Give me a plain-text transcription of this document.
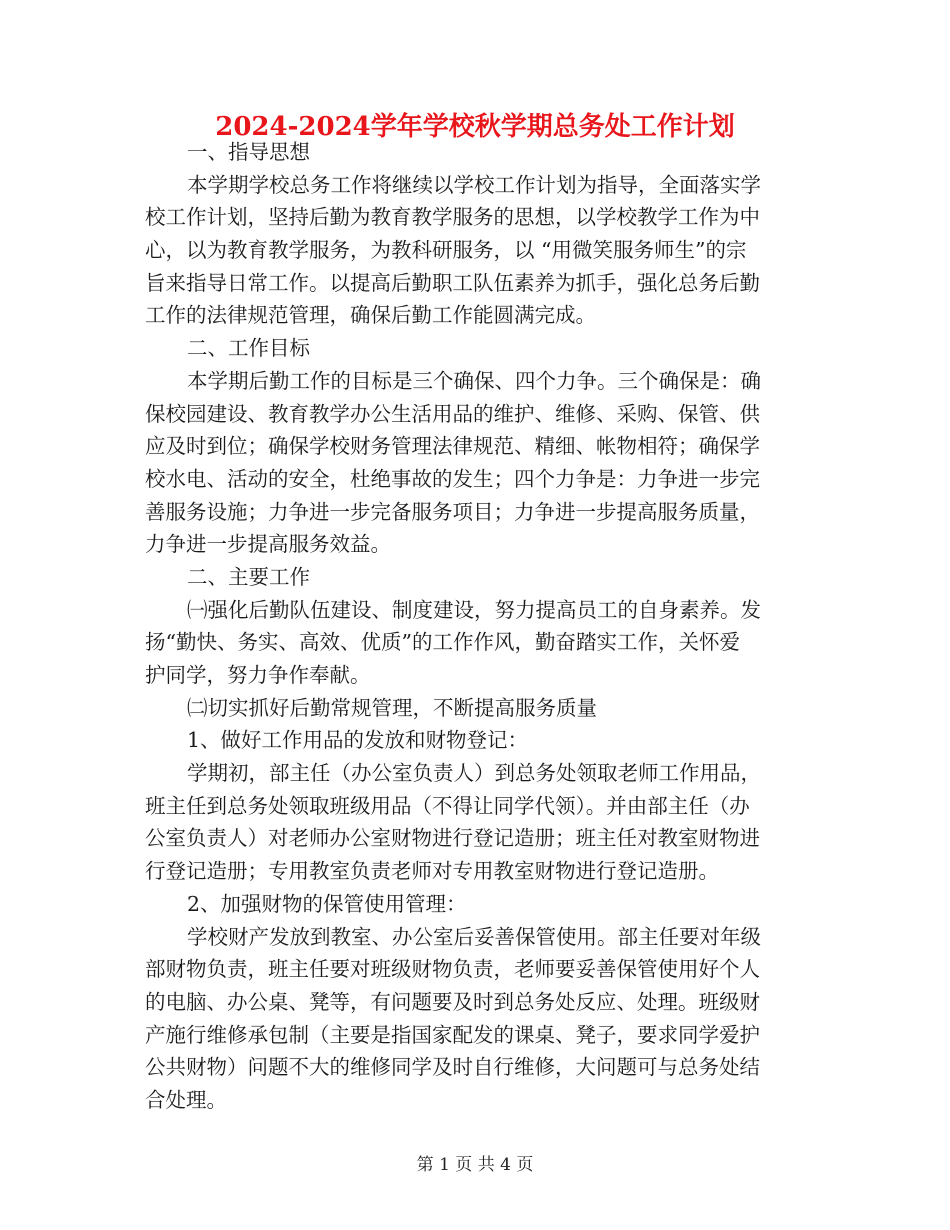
2024-2024学年学校秋学期总务处工作计划
一、指导思想
本学期学校总务工作将继续以学校工作计划为指导，全面落实学
校工作计划，坚持后勤为教育教学服务的思想，以学校教学工作为中
心，以为教育教学服务，为教科研服务，以 “用微笑服务师生”的宗
旨来指导日常工作。以提高后勤职工队伍素养为抓手，强化总务后勤
工作的法律规范管理，确保后勤工作能圆满完成。
二、工作目标
本学期后勤工作的目标是三个确保、四个力争。三个确保是：确
保校园建设、教育教学办公生活用品的维护、维修、采购、保管、供
应及时到位；确保学校财务管理法律规范、精细、帐物相符；确保学
校水电、活动的安全，杜绝事故的发生；四个力争是：力争进一步完
善服务设施；力争进一步完备服务项目；力争进一步提高服务质量，
力争进一步提高服务效益。
二、主要工作
㈠强化后勤队伍建设、制度建设，努力提高员工的自身素养。发
扬“勤快、务实、高效、优质”的工作作风，勤奋踏实工作，关怀爱
护同学，努力争作奉献。
㈡切实抓好后勤常规管理，不断提高服务质量
1、做好工作用品的发放和财物登记：
学期初，部主任（办公室负责人）到总务处领取老师工作用品，
班主任到总务处领取班级用品（不得让同学代领）。并由部主任（办
公室负责人）对老师办公室财物进行登记造册；班主任对教室财物进
行登记造册；专用教室负责老师对专用教室财物进行登记造册。
2、加强财物的保管使用管理：
学校财产发放到教室、办公室后妥善保管使用。部主任要对年级
部财物负责，班主任要对班级财物负责，老师要妥善保管使用好个人
的电脑、办公桌、凳等，有问题要及时到总务处反应、处理。班级财
产施行维修承包制（主要是指国家配发的课桌、凳子，要求同学爱护
公共财物）问题不大的维修同学及时自行维修，大问题可与总务处结
合处理。
第 1 页 共 4 页
